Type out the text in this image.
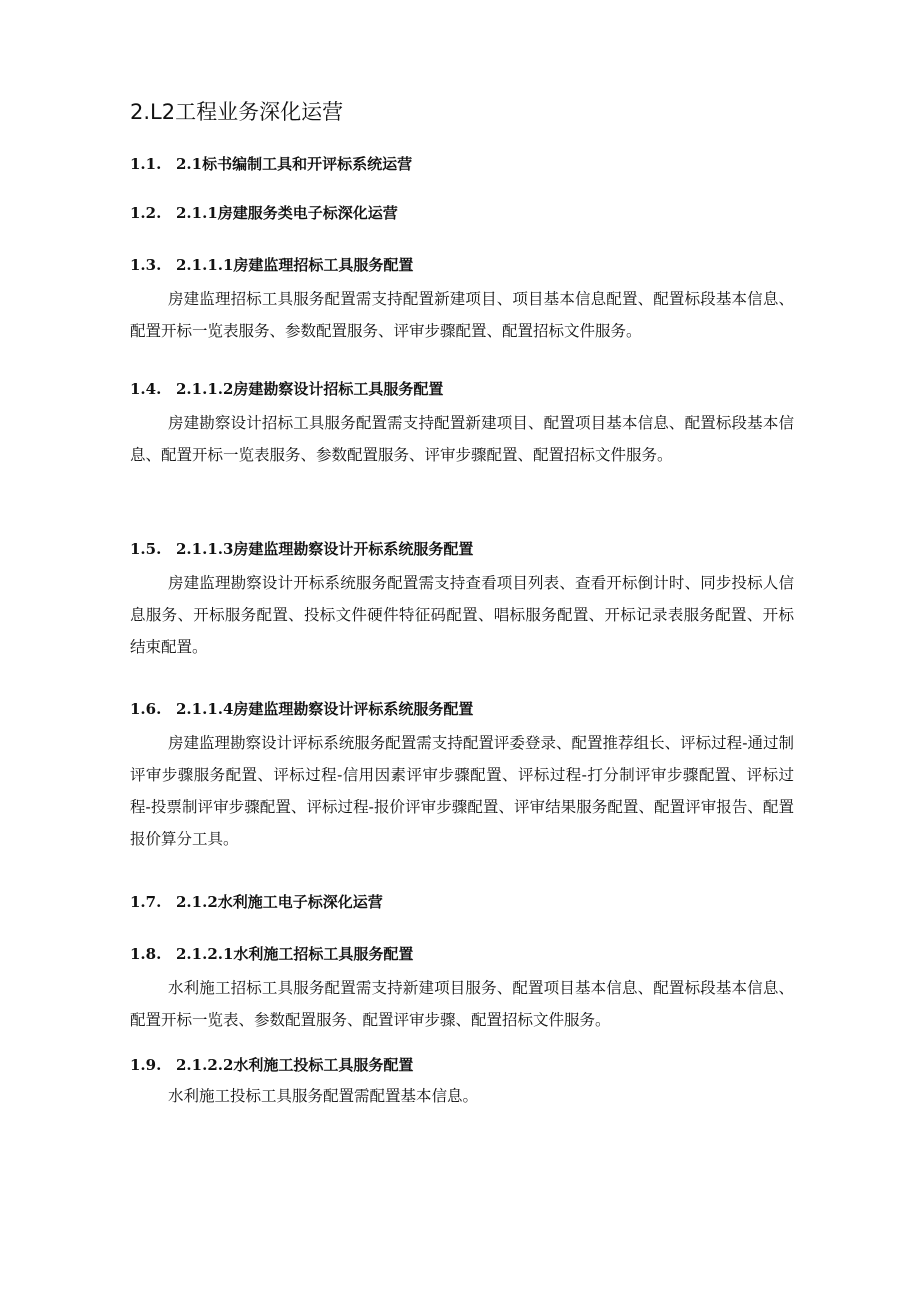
2.L2工程业务深化运营
1.1. 2.1标书编制工具和开评标系统运营
1.2. 2.1.1房建服务类电子标深化运营
1.3. 2.1.1.1房建监理招标工具服务配置

房建监理招标工具服务配置需支持配置新建项目、项目基本信息配置、配置标段基本信息、配置开标一览表服务、参数配置服务、评审步骤配置、配置招标文件服务。

1.4. 2.1.1.2房建勘察设计招标工具服务配置

房建勘察设计招标工具服务配置需支持配置新建项目、配置项目基本信息、配置标段基本信息、配置开标一览表服务、参数配置服务、评审步骤配置、配置招标文件服务。

1.5. 2.1.1.3房建监理勘察设计开标系统服务配置

房建监理勘察设计开标系统服务配置需支持查看项目列表、查看开标倒计时、同步投标人信息服务、开标服务配置、投标文件硬件特征码配置、唱标服务配置、开标记录表服务配置、开标结束配置。

1.6. 2.1.1.4房建监理勘察设计评标系统服务配置

房建监理勘察设计评标系统服务配置需支持配置评委登录、配置推荐组长、评标过程-通过制评审步骤服务配置、评标过程-信用因素评审步骤配置、评标过程-打分制评审步骤配置、评标过程-投票制评审步骤配置、评标过程-报价评审步骤配置、评审结果服务配置、配置评审报告、配置报价算分工具。

1.7. 2.1.2水利施工电子标深化运营
1.8. 2.1.2.1水利施工招标工具服务配置

水利施工招标工具服务配置需支持新建项目服务、配置项目基本信息、配置标段基本信息、配置开标一览表、参数配置服务、配置评审步骤、配置招标文件服务。

1.9. 2.1.2.2水利施工投标工具服务配置

水利施工投标工具服务配置需配置基本信息。
